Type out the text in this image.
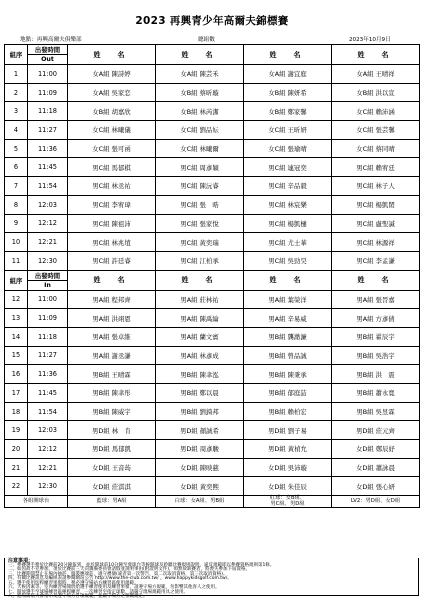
2023 再興青少年高爾夫錦標賽
地點：再興高爾夫俱樂部	總組數	2023年10月9日
組序	出發時間	姓　名	姓　名	姓　名	姓　名
	Out				
1	11:00	女A組 陳詩婷	女A組 陳芸禾	女A組 謝宜庭	女A組 王晴祥
2	11:09	女A組 吳家恋	女B組 蔡昕璇	女B組 陳妍希	女B組 洪以宣
3	11:18	女B組 胡嘉欣	女B組 林芮潔	女B組 鄭家馨	女C組 賴沛涵
4	11:27	女C組 林曦儀	女C組 劉品妘	女C組 王昕妍	女C組 張芸馨
5	11:36	女C組 張可函	女C組 林曦爾	女C組 張瑜晴	女C組 蔡同晴
6	11:45	男C組 馬郁棋	男C組 周彥穎	男C組 連冠奕	男C組 賴宥廷
7	11:54	男C組 林丞祐	男C組 陳沅睿	男C組 辛品毅	男C組 林子人
8	12:03	男C組 李宥瑋	男C組 張　晧	男C組 林宸樂	男C組 楊凱閎
9	12:12	男C組 陳祖沛	男C組 張家悅	男C組 楊凱槤	男C組 盧聖諴
10	12:21	男C組 林兆埴	男C組 黃奕瑞	男C組 尤士華	男C組 林源祥
11	12:30	男C組 許廷睿	男C組 江柏承	男C組 吳勁昊	男C組 李孟謙
組序	出發時間	姓　名	姓　名	姓　名	姓　名
	In				
12	11:00	男A組 程邦齊	男A組 莊林祐	男A組 葉榮洋	男A組 張晉嘉
13	11:09	男A組 洪翊恩	男A組 陳禹綸	男A組 辛易威	男A組 方彥倩
14	11:18	男A組 張卓維	男A組 蘭文賓	男B組 龔澔濂	男B組 翟辰宇
15	11:27	男A組 謝丞謙	男A組 林彥成	男B組 曾品誠	男B組 吳浩宇
16	11:36	男B組 王晴霖	男B組 陳聿泓	男B組 陳秉承	男B組 洪　震
17	11:45	男B組 陳聿彤	男B組 鄭以晨	男B組 郁庭喆	男B組 蕭永寬
18	11:54	男B組 陳威宇	男B組 劉錡邦	男B組 賴柏宏	男B組 吳昱霖
19	12:03	男D組 林　肯	男D組 顏誠希	男D組 劉子易	男D組 莊元齊
20	12:12	男D組 馬郁凱	男D組 周彥駿	男D組 黃楨允	女D組 鄭辰妤
21	12:21	女D組 王音荺	女D組 陳映慈	女D組 吳沛璇	女D組 蕭詠晨
22	12:30	女D組 莊淇淇	女D組 黃奕熙	女D組 朱佳辰	女D組 張心妍
各組開球台		藍球：男A組	白球：女A組、男B組	紅球：女B組、
男C組、男D組	LV2：男D組、女D組
注意事項：
一、參賽選手務於比賽前20分鐘報到，並於開球前10分鐘至發球台等候開球及聆聽比賽規則說明，違反規範即以參賽資格規則第1條。
二、如因故不克參加，須於比賽前三天向籌備委員會請假並說明事由(附證明文件)，如無故缺賽者，將喪失參加下屆資格。
三、比賽期間禁止在場內抽菸，服裝應端莊，適守禮儀(違者第一次警告，第二次取消資格，第三次取消資格)。
四、有關比賽訊息及編組表請參閱網站公告 http://www.the-club.com.tw/ ，www.happykidsgolf.com.tw/。
五、選手使用切桿練習果嶺時，務必遵守場站方練習區使用規範。
六、天候因素等，室內練習場開放給選手練習使用及練習果嶺，請遵守場方規範，勿影響其他客人之使用。
七、開放選手至球場練習區揮桿練習，一次練習至指定球數，請嚴守現場規範用具之使用。
八、進場需依大會指示及遵守場方各項規範，並嚴守場方之相關規定。
